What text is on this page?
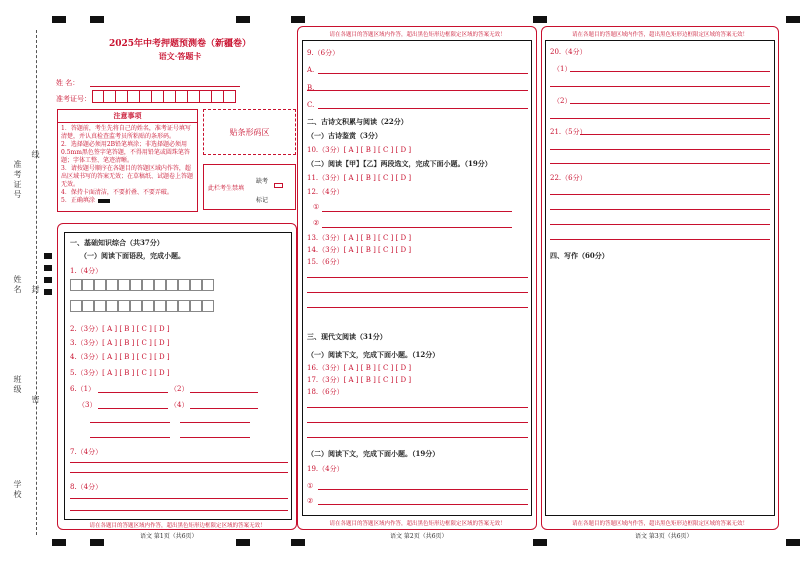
准考证号
线
姓名 封
班级
密
学校
2025年中考押题预测卷（新疆卷）
语文·答题卡
姓 名：
准考证号：
注意事项
1．答题前，考生先将自己的姓名，准考证号填写清楚，并认真检查监考员所粘贴的条形码。
2．选择题必须用2B铅笔填涂；非选择题必须用0.5mm黑色签字笔答题，不得用铅笔或圆珠笔答题；字体工整、笔迹清晰。
3．请按题号顺序在各题目的答题区域内作答，超出区域书写的答案无效；在草稿纸、试题卷上答题无效。
4．保持卡面清洁，不要折叠、不要弄破。
5．正确填涂
贴条形码区
此栏考生禁填
缺考
标记
请在各题目的答题区域内作答，超出黑色矩形边框限定区域的答案无效！
语文 第1页（共6页）
一、基础知识综合（共37分）
（一）阅读下面语段，完成小题。
1.（4分）
2.（3分）[ A ] [ B ] [ C ] [ D ]
3.（3分）[ A ] [ B ] [ C ] [ D ]
4.（3分）[ A ] [ B ] [ C ] [ D ]
5.（3分）[ A ] [ B ] [ C ] [ D ]
6.（1）	（2）
（3）	（4）
7.（4分）
8.（4分）
请在各题目的答题区域内作答，超出黑色矩形边框限定区域的答案无效！
请在各题目的答题区域内作答，超出黑色矩形边框限定区域的答案无效！
语文 第2页（共6页）
9.（6分）
A.
B.
C.
二、古诗文积累与阅读（22分）
（一）古诗鉴赏（3分）
10.（3分）[ A ] [ B ] [ C ] [ D ]
（二）阅读【甲】【乙】两段选文，完成下面小题。（19分）
11.（3分）[ A ] [ B ] [ C ] [ D ]
12.（4分）
①
②
13.（3分）[ A ] [ B ] [ C ] [ D ]
14.（3分）[ A ] [ B ] [ C ] [ D ]
15.（6分）
三、现代文阅读（31分）
（一）阅读下文，完成下面小题。（12分）
16.（3分）[ A ] [ B ] [ C ] [ D ]
17.（3分）[ A ] [ B ] [ C ] [ D ]
18.（6分）
（二）阅读下文，完成下面小题。（19分）
19.（4分）
①
②
请在各题目的答题区域内作答，超出黑色矩形边框限定区域的答案无效！
请在各题目的答题区域内作答，超出黑色矩形边框限定区域的答案无效！
语文 第3页（共6页）
20.（4分）
（1）
（2）
21.（5分）
22.（6分）
四、写作（60分）
